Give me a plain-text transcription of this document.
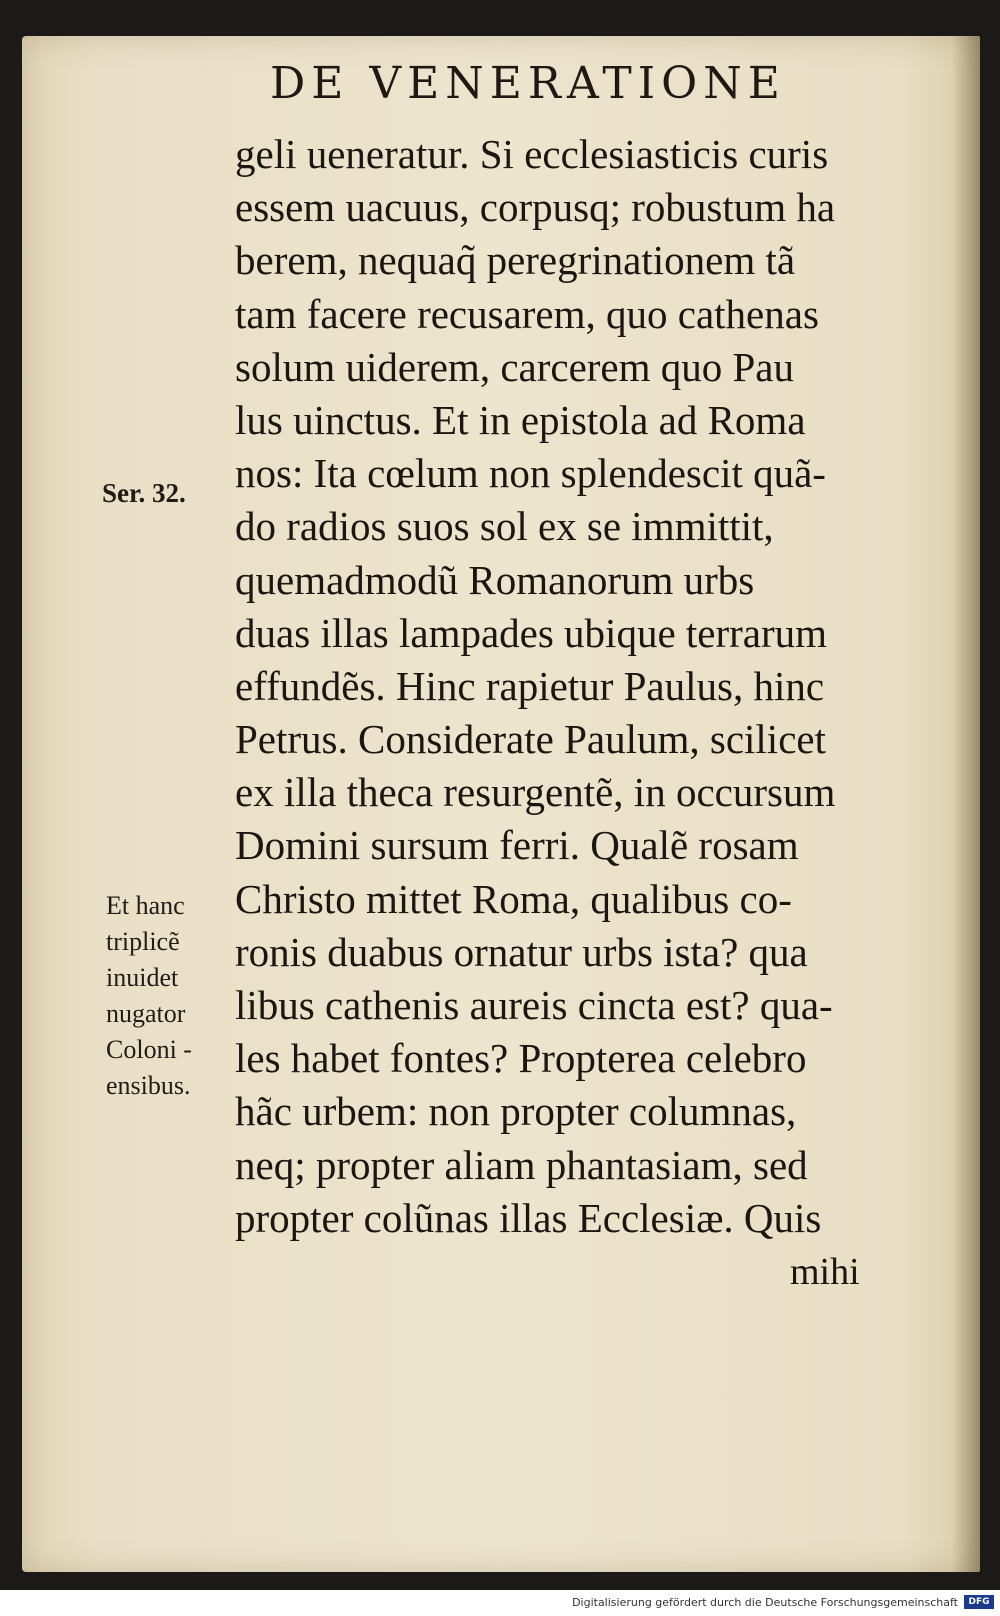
DE VENERATIONE
geli ueneratur. Si ecclesiasticis curis
essem uacuus, corpusq; robustum ha
berem, nequaq̃ peregrinationem tã
tam facere recusarem, quo cathenas
solum uiderem, carcerem quo Pau
lus uinctus. Et in epistola ad Roma
nos: Ita cœlum non splendescit quã-
do radios suos sol ex se immittit,
quemadmodũ Romanorum urbs
duas illas lampades ubique terrarum
effundẽs. Hinc rapietur Paulus, hinc
Petrus. Considerate Paulum, scilicet
ex illa theca resurgentẽ, in occursum
Domini sursum ferri. Qualẽ rosam
Christo mittet Roma, qualibus co-
ronis duabus ornatur urbs ista? qua
libus cathenis aureis cincta est? qua-
les habet fontes? Propterea celebro
hãc urbem: non propter columnas,
neq; propter aliam phantasiam, sed
propter colũnas illas Ecclesiæ. Quis
mihi
Ser. 32.
Et hanc
triplicẽ
inuidet
nugator
Coloni -
ensibus.
Digitalisierung gefördert durch die Deutsche Forschungsgemeinschaft	DFG
